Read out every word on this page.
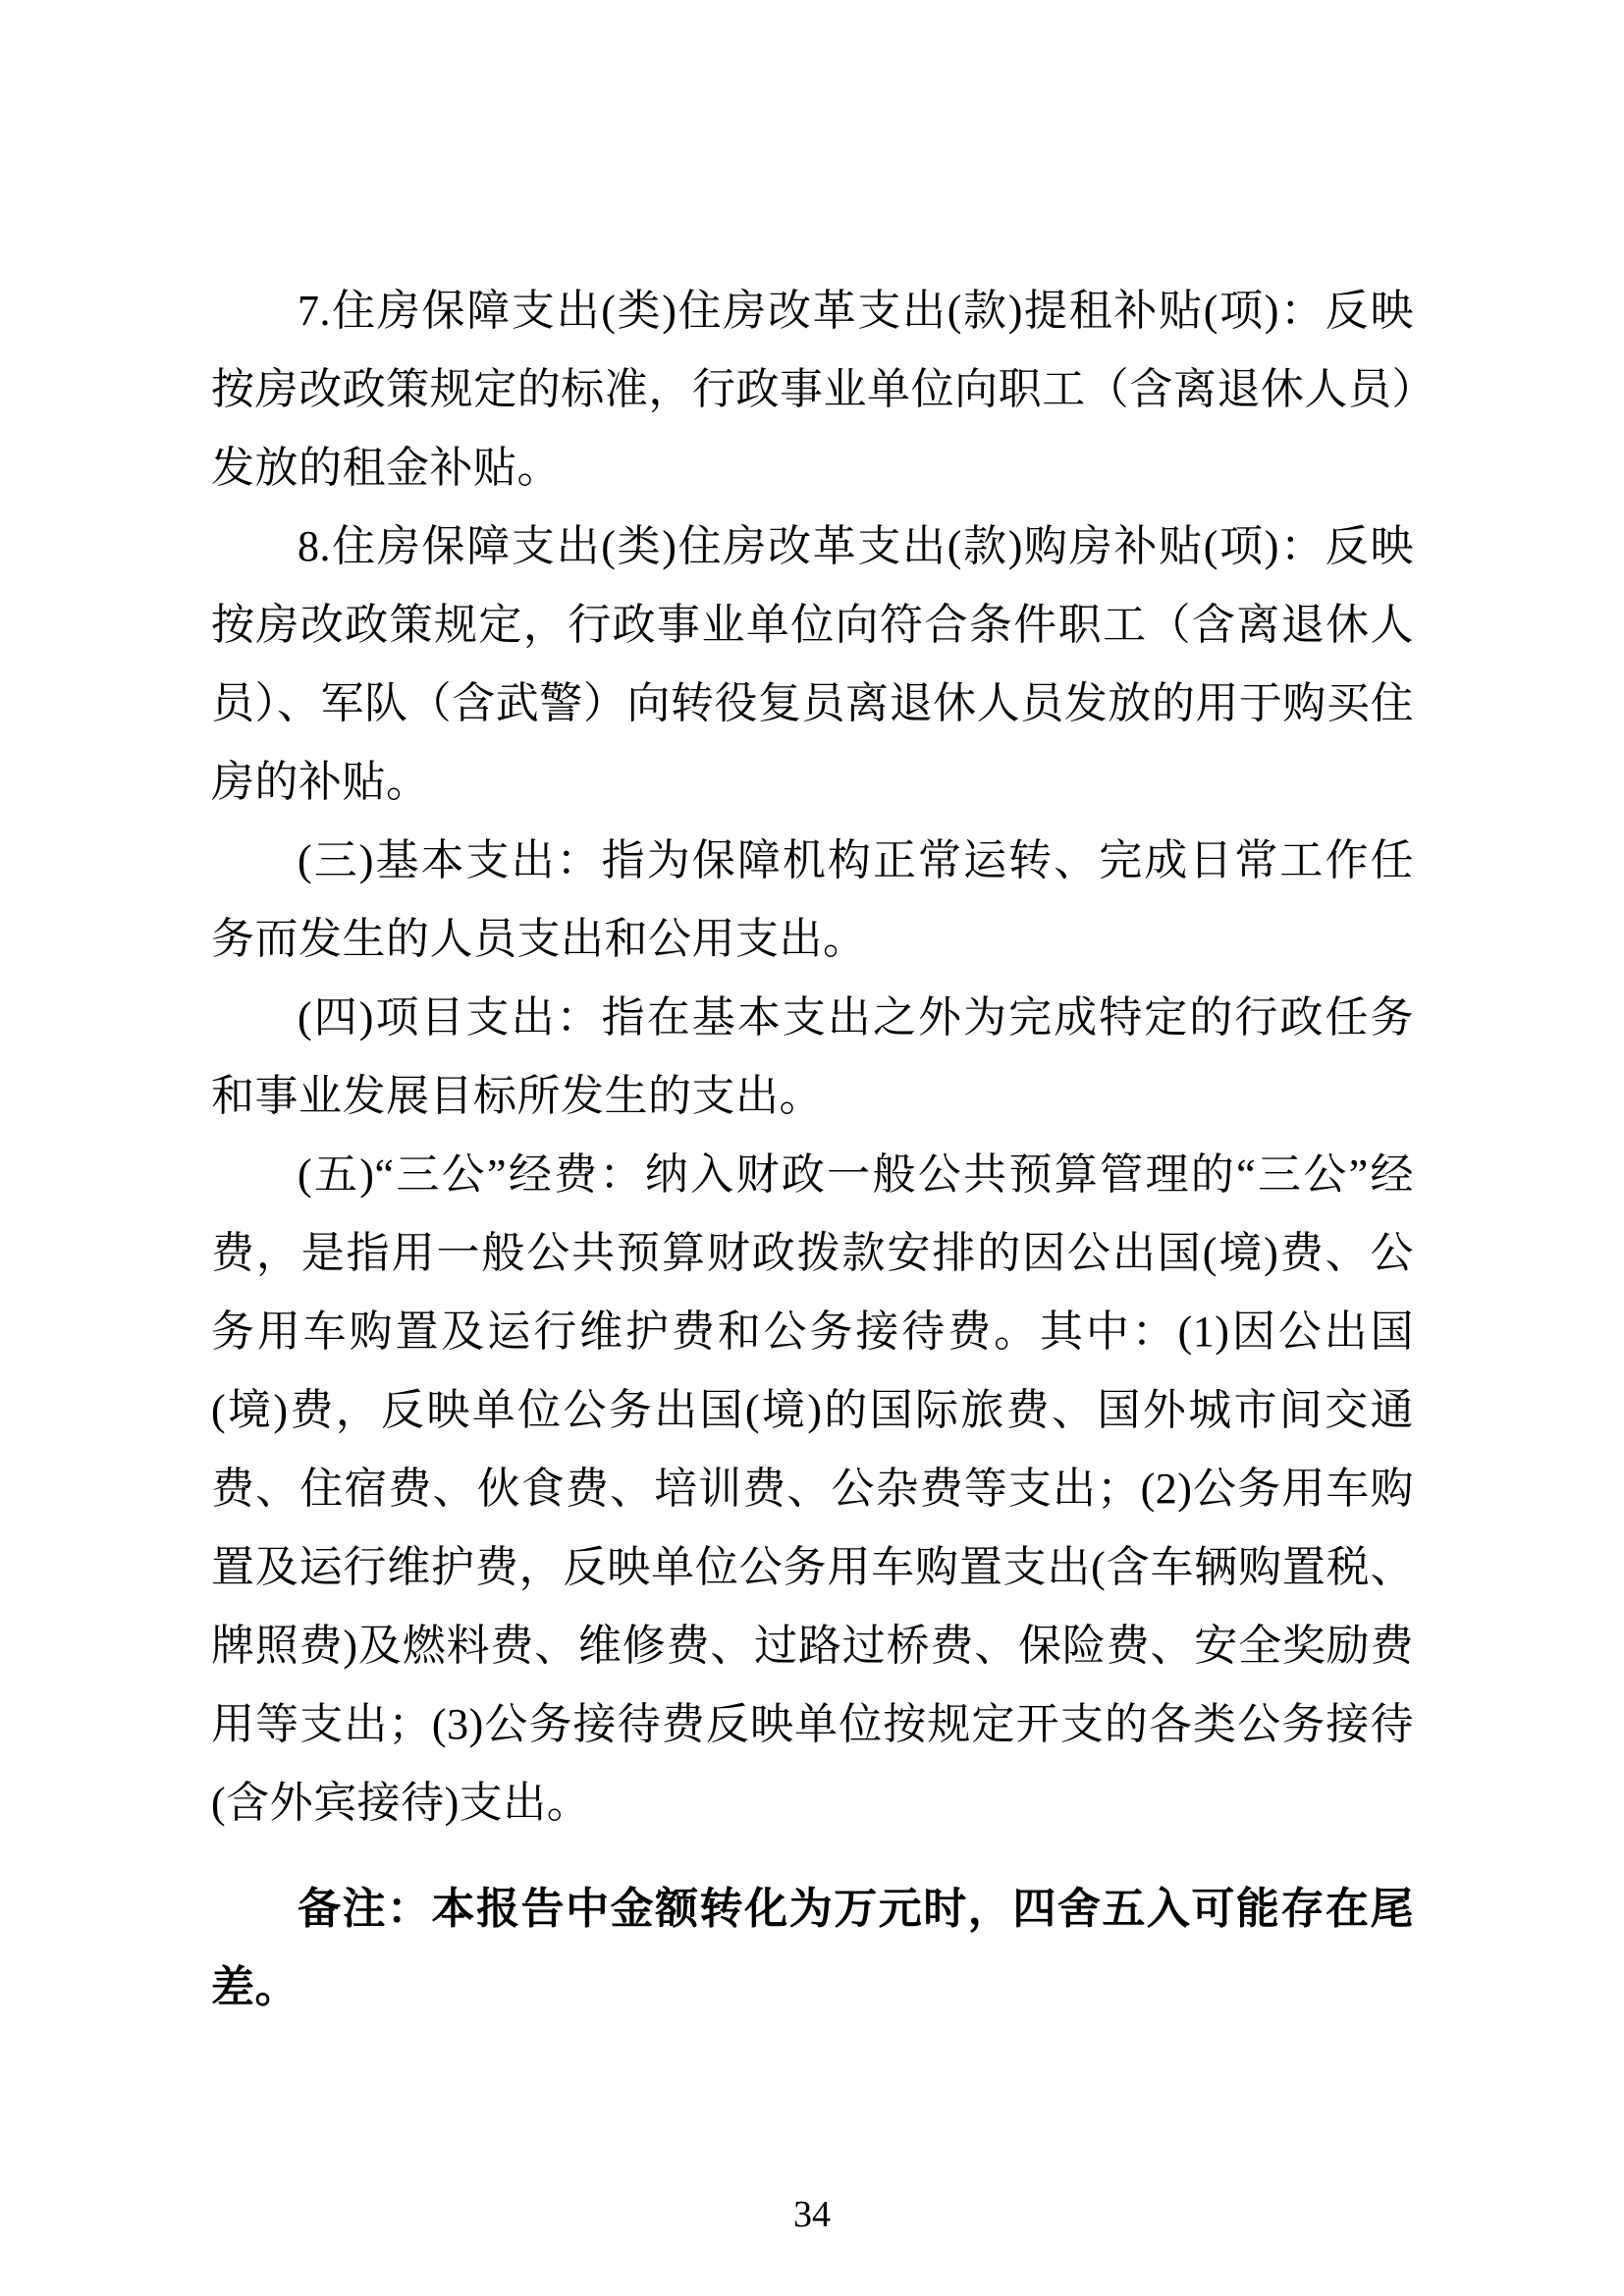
7.住房保障支出(类)住房改革支出(款)提租补贴(项)：反映按房改政策规定的标准，行政事业单位向职工（含离退休人员）发放的租金补贴。

8.住房保障支出(类)住房改革支出(款)购房补贴(项)：反映按房改政策规定，行政事业单位向符合条件职工（含离退休人员）、军队（含武警）向转役复员离退休人员发放的用于购买住房的补贴。

(三)基本支出：指为保障机构正常运转、完成日常工作任务而发生的人员支出和公用支出。

(四)项目支出：指在基本支出之外为完成特定的行政任务和事业发展目标所发生的支出。

(五)“三公”经费：纳入财政一般公共预算管理的“三公”经费，是指用一般公共预算财政拨款安排的因公出国(境)费、公务用车购置及运行维护费和公务接待费。其中：(1)因公出国(境)费，反映单位公务出国(境)的国际旅费、国外城市间交通费、住宿费、伙食费、培训费、公杂费等支出；(2)公务用车购置及运行维护费，反映单位公务用车购置支出(含车辆购置税、牌照费)及燃料费、维修费、过路过桥费、保险费、安全奖励费用等支出；(3)公务接待费反映单位按规定开支的各类公务接待(含外宾接待)支出。

备注：本报告中金额转化为万元时，四舍五入可能存在尾差。

34
